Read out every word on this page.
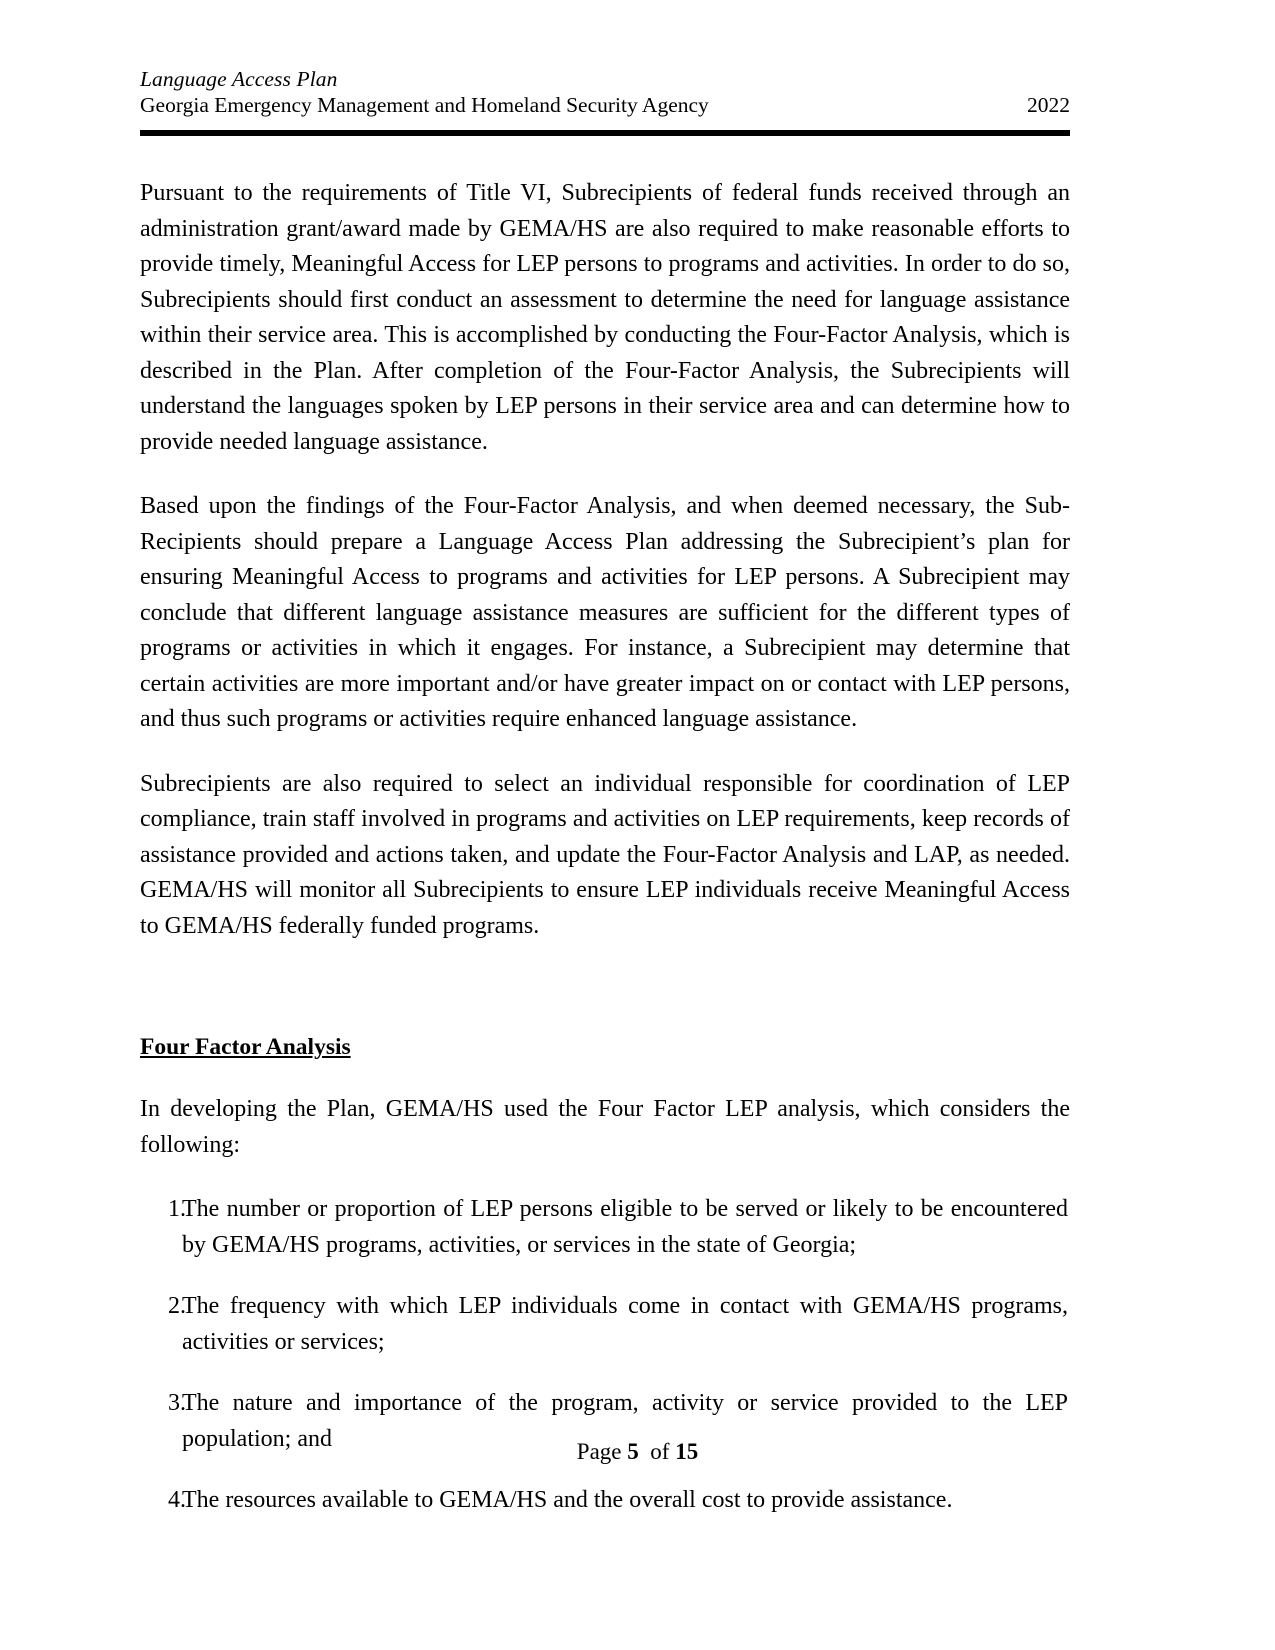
Language Access Plan
Georgia Emergency Management and Homeland Security Agency	2022

Pursuant to the requirements of Title VI, Subrecipients of federal funds received through an administration grant/award made by GEMA/HS are also required to make reasonable efforts to provide timely, Meaningful Access for LEP persons to programs and activities. In order to do so, Subrecipients should first conduct an assessment to determine the need for language assistance within their service area. This is accomplished by conducting the Four-Factor Analysis, which is described in the Plan. After completion of the Four-Factor Analysis, the Subrecipients will understand the languages spoken by LEP persons in their service area and can determine how to provide needed language assistance.

Based upon the findings of the Four-Factor Analysis, and when deemed necessary, the Sub-Recipients should prepare a Language Access Plan addressing the Subrecipient’s plan for ensuring Meaningful Access to programs and activities for LEP persons. A Subrecipient may conclude that different language assistance measures are sufficient for the different types of programs or activities in which it engages. For instance, a Subrecipient may determine that certain activities are more important and/or have greater impact on or contact with LEP persons, and thus such programs or activities require enhanced language assistance.

Subrecipients are also required to select an individual responsible for coordination of LEP compliance, train staff involved in programs and activities on LEP requirements, keep records of assistance provided and actions taken, and update the Four-Factor Analysis and LAP, as needed. GEMA/HS will monitor all Subrecipients to ensure LEP individuals receive Meaningful Access to GEMA/HS federally funded programs.

Four Factor Analysis

In developing the Plan, GEMA/HS used the Four Factor LEP analysis, which considers the following:

1.
The number or proportion of LEP persons eligible to be served or likely to be encountered by GEMA/HS programs, activities, or services in the state of Georgia;
2.
The frequency with which LEP individuals come in contact with GEMA/HS programs, activities or services;
3.
The nature and importance of the program, activity or service provided to the LEP population; and
4.
The resources available to GEMA/HS and the overall cost to provide assistance.
Page 5 of 15
